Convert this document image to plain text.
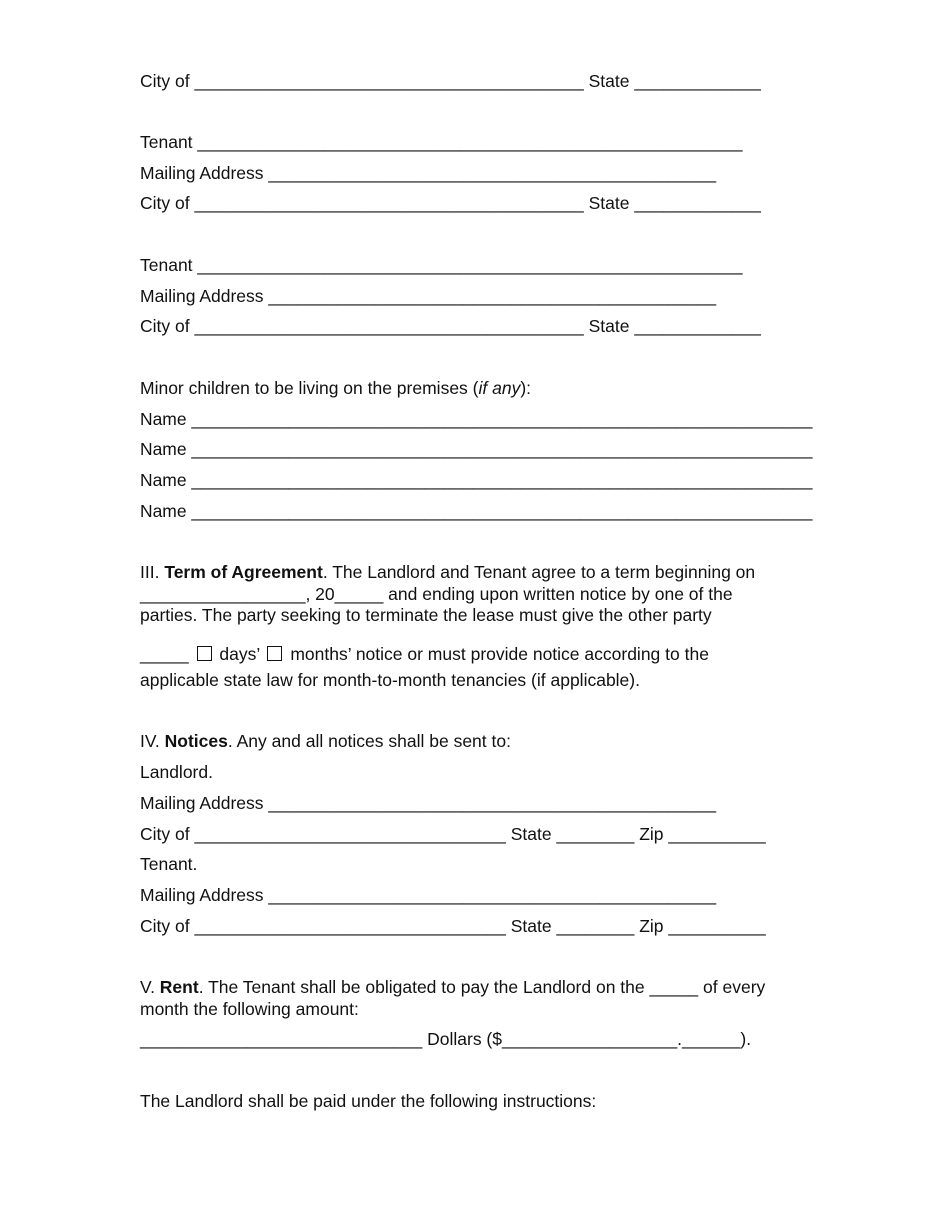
City of ________________________________________ State _____________
Tenant ________________________________________________________
Mailing Address ______________________________________________
City of ________________________________________ State _____________
Tenant ________________________________________________________
Mailing Address ______________________________________________
City of ________________________________________ State _____________
Minor children to be living on the premises (if any):
Name ________________________________________________________________
Name ________________________________________________________________
Name ________________________________________________________________
Name ________________________________________________________________
III. Term of Agreement. The Landlord and Tenant agree to a term beginning on
_________________, 20_____ and ending upon written notice by one of the
parties. The party seeking to terminate the lease must give the other party
_____  days’  months’ notice or must provide notice according to the
applicable state law for month-to-month tenancies (if applicable).
IV. Notices. Any and all notices shall be sent to:
Landlord.
Mailing Address ______________________________________________
City of ________________________________ State ________ Zip __________
Tenant.
Mailing Address ______________________________________________
City of ________________________________ State ________ Zip __________
V. Rent. The Tenant shall be obligated to pay the Landlord on the _____ of every
month the following amount:
_____________________________ Dollars ($__________________.______).
The Landlord shall be paid under the following instructions:
